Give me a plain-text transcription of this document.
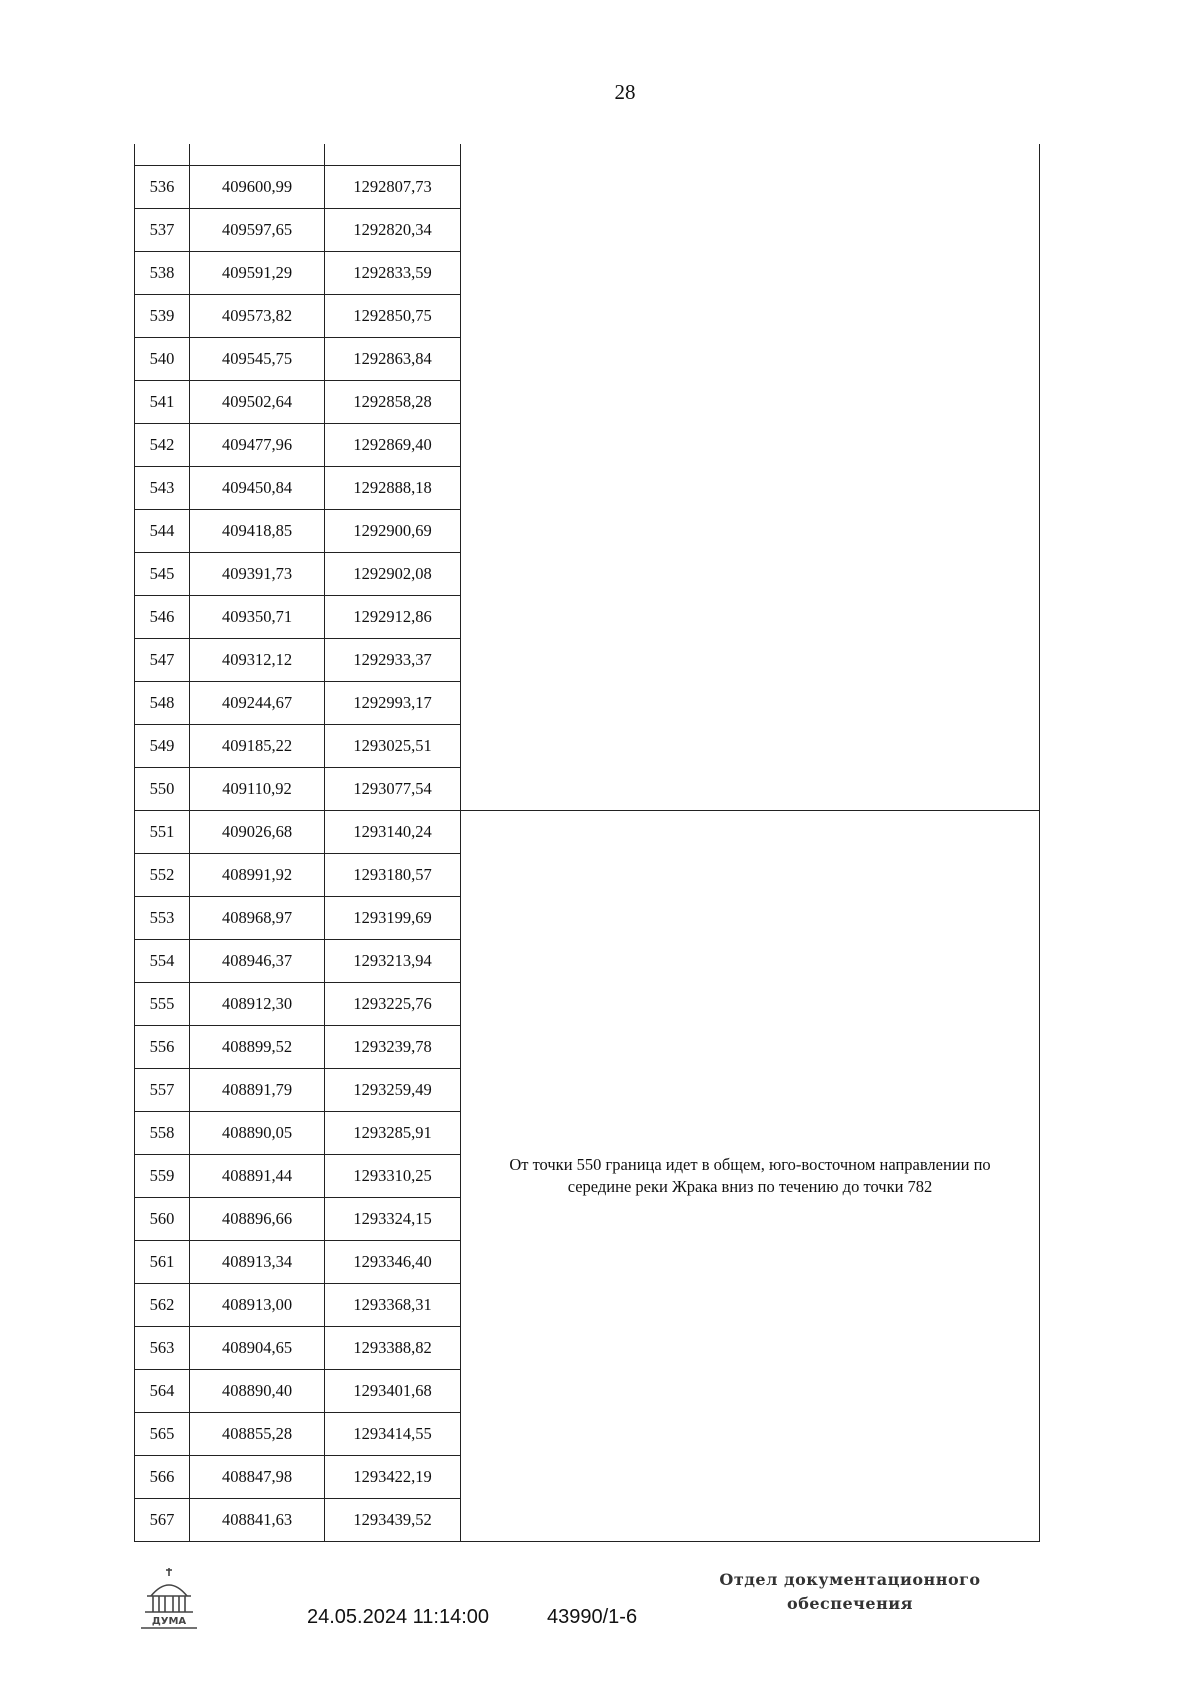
28

536	409600,99	1292807,73	
537	409597,65	1292820,34	
538	409591,29	1292833,59	
539	409573,82	1292850,75	
540	409545,75	1292863,84	
541	409502,64	1292858,28	
542	409477,96	1292869,40	
543	409450,84	1292888,18	
544	409418,85	1292900,69	
545	409391,73	1292902,08	
546	409350,71	1292912,86	
547	409312,12	1292933,37	
548	409244,67	1292993,17	
549	409185,22	1293025,51	
550	409110,92	1293077,54	
551	409026,68	1293140,24	От точки 550 граница идет в общем, юго-восточном направлении по
середине реки Жрака вниз по течению до точки 782

552	408991,92	1293180,57	
553	408968,97	1293199,69	
554	408946,37	1293213,94	
555	408912,30	1293225,76	
556	408899,52	1293239,78	
557	408891,79	1293259,49	
558	408890,05	1293285,91	
559	408891,44	1293310,25	
560	408896,66	1293324,15	
561	408913,34	1293346,40	
562	408913,00	1293368,31	
563	408904,65	1293388,82	
564	408890,40	1293401,68	
565	408855,28	1293414,55	
566	408847,98	1293422,19	
567	408841,63	1293439,52	
ДУМА	24.05.2024 11:14:00	43990/1-6
Отдел документационного
обеспечения
